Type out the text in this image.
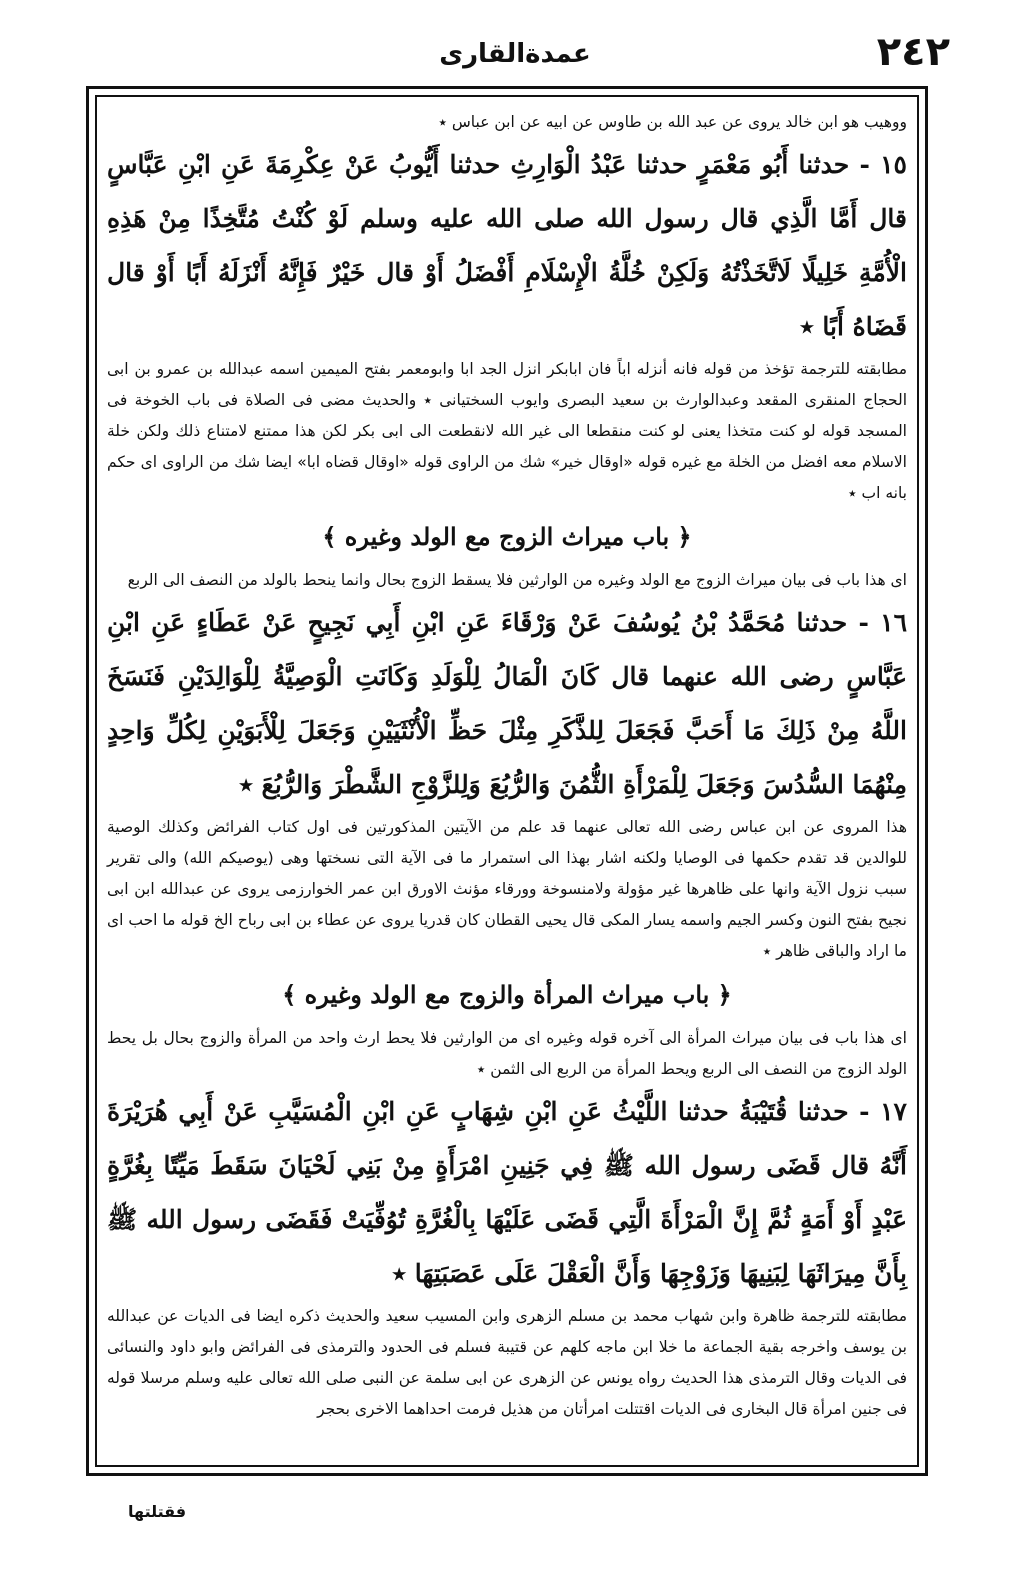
٢٤٢
عمدةالقارى

ووهيب هو ابن خالد يروى عن عبد الله بن طاوس عن ابيه عن ابن عباس ٭

١٥ - حدثنا أَبُو مَعْمَرٍ حدثنا عَبْدُ الْوَارِثِ حدثنا أَيُّوبُ عَنْ عِكْرِمَةَ عَنِ ابْنِ عَبَّاسٍ قال أَمَّا الَّذِي قال رسول الله صلى الله عليه وسلم لَوْ كُنْتُ مُتَّخِذًا مِنْ هَذِهِ الْأُمَّةِ خَلِيلًا لَاتَّخَذْتُهُ وَلَكِنْ خُلَّةُ الْإِسْلَامِ أَفْضَلُ أَوْ قال خَيْرٌ فَإِنَّهُ أَنْزَلَهُ أَبًا أَوْ قال قَضَاهُ أَبًا ٭

مطابقته للترجمة تؤخذ من قوله فانه أنزله اباً فان ابابكر انزل الجد ابا وابومعمر بفتح الميمين اسمه عبدالله بن عمرو بن ابى الحجاج المنقرى المقعد وعبدالوارث بن سعيد البصرى وايوب السختيانى ٭ والحديث مضى فى الصلاة فى باب الخوخة فى المسجد قوله لو كنت متخذا يعنى لو كنت منقطعا الى غير الله لانقطعت الى ابى بكر لكن هذا ممتنع لامتناع ذلك ولكن خلة الاسلام معه افضل من الخلة مع غيره قوله «اوقال خير» شك من الراوى قوله «اوقال قضاه ابا» ايضا شك من الراوى اى حكم بانه اب ٭

﴿ باب ميراث الزوج مع الولد وغيره ﴾

اى هذا باب فى بيان ميراث الزوج مع الولد وغيره من الوارثين فلا يسقط الزوج بحال وانما ينحط بالولد من النصف الى الربع

١٦ - حدثنا مُحَمَّدُ بْنُ يُوسُفَ عَنْ وَرْقَاءَ عَنِ ابْنِ أَبِي نَجِيحٍ عَنْ عَطَاءٍ عَنِ ابْنِ عَبَّاسٍ رضى الله عنهما قال كَانَ الْمَالُ لِلْوَلَدِ وَكَانَتِ الْوَصِيَّةُ لِلْوَالِدَيْنِ فَنَسَخَ اللَّهُ مِنْ ذَلِكَ مَا أَحَبَّ فَجَعَلَ لِلذَّكَرِ مِثْلَ حَظِّ الْأُنْثَيَيْنِ وَجَعَلَ لِلْأَبَوَيْنِ لِكُلِّ وَاحِدٍ مِنْهُمَا السُّدُسَ وَجَعَلَ لِلْمَرْأَةِ الثُّمُنَ وَالرُّبُعَ وَلِلزَّوْجِ الشَّطْرَ وَالرُّبُعَ ٭

هذا المروى عن ابن عباس رضى الله تعالى عنهما قد علم من الآيتين المذكورتين فى اول كتاب الفرائض وكذلك الوصية للوالدين قد تقدم حكمها فى الوصايا ولكنه اشار بهذا الى استمرار ما فى الآية التى نسختها وهى (يوصيكم الله) والى تقرير سبب نزول الآية وانها على ظاهرها غير مؤولة ولامنسوخة وورقاء مؤنث الاورق ابن عمر الخوارزمى يروى عن عبدالله ابن ابى نجيح بفتح النون وكسر الجيم واسمه يسار المكى قال يحيى القطان كان قدريا يروى عن عطاء بن ابى رباح الخ قوله ما احب اى ما اراد والباقى ظاهر ٭

﴿ باب ميراث المرأة والزوج مع الولد وغيره ﴾

اى هذا باب فى بيان ميراث المرأة الى آخره قوله وغيره اى من الوارثين فلا يحط ارث واحد من المرأة والزوج بحال بل يحط الولد الزوج من النصف الى الربع ويحط المرأة من الربع الى الثمن ٭

١٧ - حدثنا قُتَيْبَةُ حدثنا اللَّيْثُ عَنِ ابْنِ شِهَابٍ عَنِ ابْنِ الْمُسَيَّبِ عَنْ أَبِي هُرَيْرَةَ أَنَّهُ قال قَضَى رسول الله ﷺ فِي جَنِينِ امْرَأَةٍ مِنْ بَنِي لَحْيَانَ سَقَطَ مَيِّتًا بِغُرَّةٍ عَبْدٍ أَوْ أَمَةٍ ثُمَّ إِنَّ الْمَرْأَةَ الَّتِي قَضَى عَلَيْهَا بِالْغُرَّةِ تُوُفِّيَتْ فَقَضَى رسول الله ﷺ بِأَنَّ مِيرَاثَهَا لِبَنِيهَا وَزَوْجِهَا وَأَنَّ الْعَقْلَ عَلَى عَصَبَتِهَا ٭

مطابقته للترجمة ظاهرة وابن شهاب محمد بن مسلم الزهرى وابن المسيب سعيد والحديث ذكره ايضا فى الديات عن عبدالله بن يوسف واخرجه بقية الجماعة ما خلا ابن ماجه كلهم عن قتيبة فسلم فى الحدود والترمذى فى الفرائض وابو داود والنسائى فى الديات وقال الترمذى هذا الحديث رواه يونس عن الزهرى عن ابى سلمة عن النبى صلى الله تعالى عليه وسلم مرسلا قوله فى جنين امرأة قال البخارى فى الديات اقتتلت امرأتان من هذيل فرمت احداهما الاخرى بحجر

فقتلتها
